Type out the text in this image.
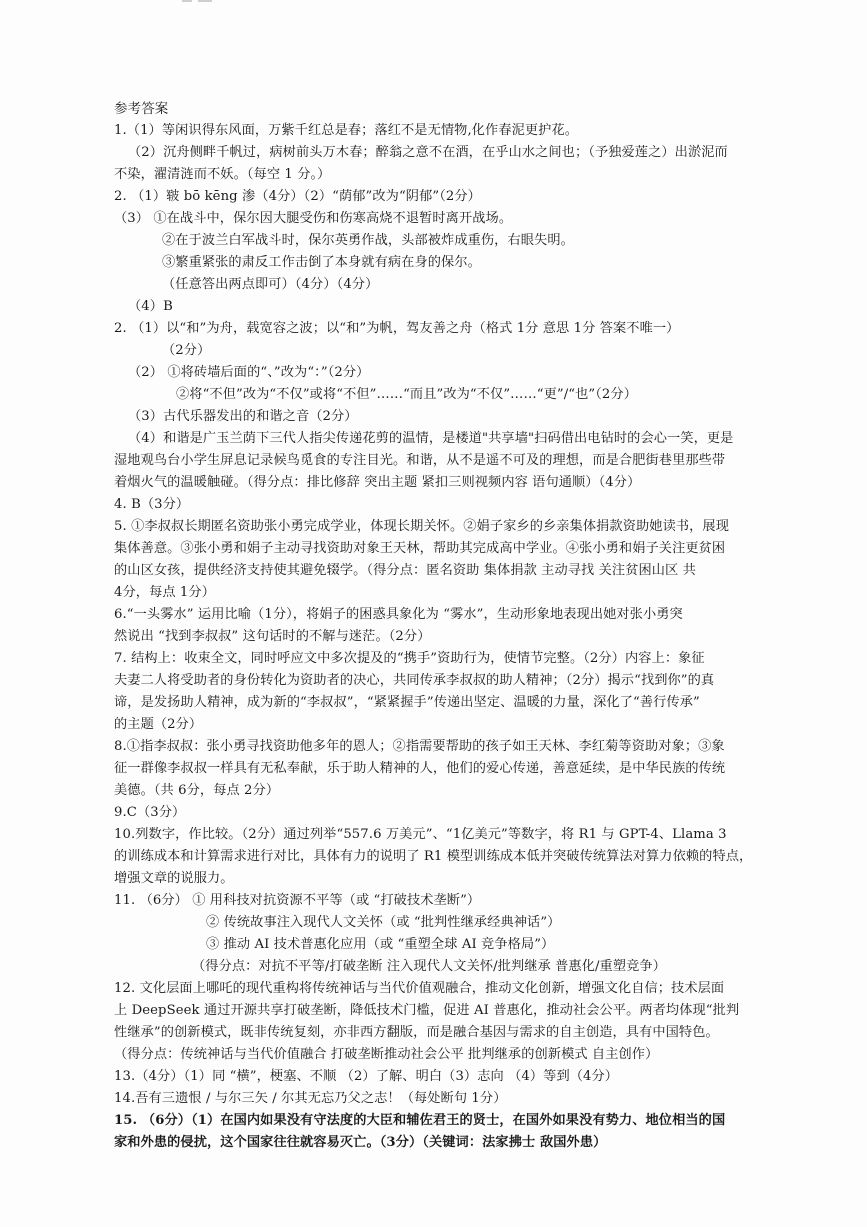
参考答案
1.（1）等闲识得东风面，万紫千红总是春；落红不是无情物,化作春泥更护花。
（2）沉舟侧畔千帆过，病树前头万木春；醉翁之意不在酒，在乎山水之间也；（予独爱莲之）出淤泥而
不染，濯清涟而不妖。（每空 1 分。）
2. （1）皲 bō kēng 渗（4分）（2）“荫郁”改为“阴郁”（2分）
（3） ①在战斗中，保尔因大腿受伤和伤寒高烧不退暂时离开战场。
②在于波兰白军战斗时，保尔英勇作战，头部被炸成重伤，右眼失明。
③繁重紧张的肃反工作击倒了本身就有病在身的保尔。
（任意答出两点即可）（4分）（4分）
（4）B
2. （1）以“和”为舟，载宽容之波；以“和”为帆，驾友善之舟（格式 1分 意思 1分 答案不唯一）
（2分）
（2） ①将砖墙后面的“、”改为“：”（2分）
②将“不但”改为“不仅”或将“不但”……“而且”改为“不仅”……“更”/“也”（2分）
（3）古代乐器发出的和谐之音（2分）
（4）和谐是广玉兰荫下三代人指尖传递花剪的温情，是楼道"共享墙"扫码借出电钻时的会心一笑，更是
湿地观鸟台小学生屏息记录候鸟觅食的专注目光。和谐，从不是遥不可及的理想，而是合肥街巷里那些带
着烟火气的温暖触碰。（得分点：排比修辞 突出主题 紧扣三则视频内容 语句通顺）（4分）
4. B（3分）
5. ①李叔叔长期匿名资助张小勇完成学业，体现长期关怀。②娟子家乡的乡亲集体捐款资助她读书，展现
集体善意。③张小勇和娟子主动寻找资助对象王天林，帮助其完成高中学业。④张小勇和娟子关注更贫困
的山区女孩，提供经济支持使其避免辍学。（得分点：匿名资助 集体捐款 主动寻找 关注贫困山区 共
4分，每点 1分）
6.“一头雾水” 运用比喻（1分），将娟子的困惑具象化为 “雾水”，生动形象地表现出她对张小勇突
然说出 “找到李叔叔” 这句话时的不解与迷茫。（2分）
7. 结构上：收束全文，同时呼应文中多次提及的“携手”资助行为，使情节完整。（2分）内容上：象征
夫妻二人将受助者的身份转化为资助者的决心，共同传承李叔叔的助人精神；（2分）揭示“找到你”的真
谛，是发扬助人精神，成为新的“李叔叔”，“紧紧握手”传递出坚定、温暖的力量，深化了“善行传承”
的主题（2分）
8.①指李叔叔：张小勇寻找资助他多年的恩人；②指需要帮助的孩子如王天林、李红菊等资助对象；③象
征一群像李叔叔一样具有无私奉献，乐于助人精神的人，他们的爱心传递，善意延续，是中华民族的传统
美德。（共 6分，每点 2分）
9.C（3分）
10.列数字，作比较。（2分）通过列举“557.6 万美元”、“1亿美元”等数字，将 R1 与 GPT-4、Llama 3
的训练成本和计算需求进行对比，具体有力的说明了 R1 模型训练成本低并突破传统算法对算力依赖的特点，
增强文章的说服力。
11. （6分） ① 用科技对抗资源不平等（或 “打破技术垄断”）
② 传统故事注入现代人文关怀（或 “批判性继承经典神话”）
③ 推动 AI 技术普惠化应用（或 “重塑全球 AI 竞争格局”）
（得分点：对抗不平等/打破垄断 注入现代人文关怀/批判继承 普惠化/重塑竞争）
12. 文化层面上哪吒的现代重构将传统神话与当代价值观融合，推动文化创新，增强文化自信；技术层面
上 DeepSeek 通过开源共享打破垄断，降低技术门槛，促进 AI 普惠化，推动社会公平。两者均体现“批判
性继承”的创新模式，既非传统复刻，亦非西方翻版，而是融合基因与需求的自主创造，具有中国特色。
（得分点：传统神话与当代价值融合 打破垄断推动社会公平 批判继承的创新模式 自主创作）
13.（4分）（1）同 “横”，梗塞、不顺 （2）了解、明白（3）志向 （4）等到（4分）
14.吾有三遗恨 / 与尔三矢 / 尔其无忘乃父之志！（每处断句 1分）
15. （6分）（1）在国内如果没有守法度的大臣和辅佐君王的贤士，在国外如果没有势力、地位相当的国
家和外患的侵扰，这个国家往往就容易灭亡。（3分）（关键词：法家拂士 敌国外患）
